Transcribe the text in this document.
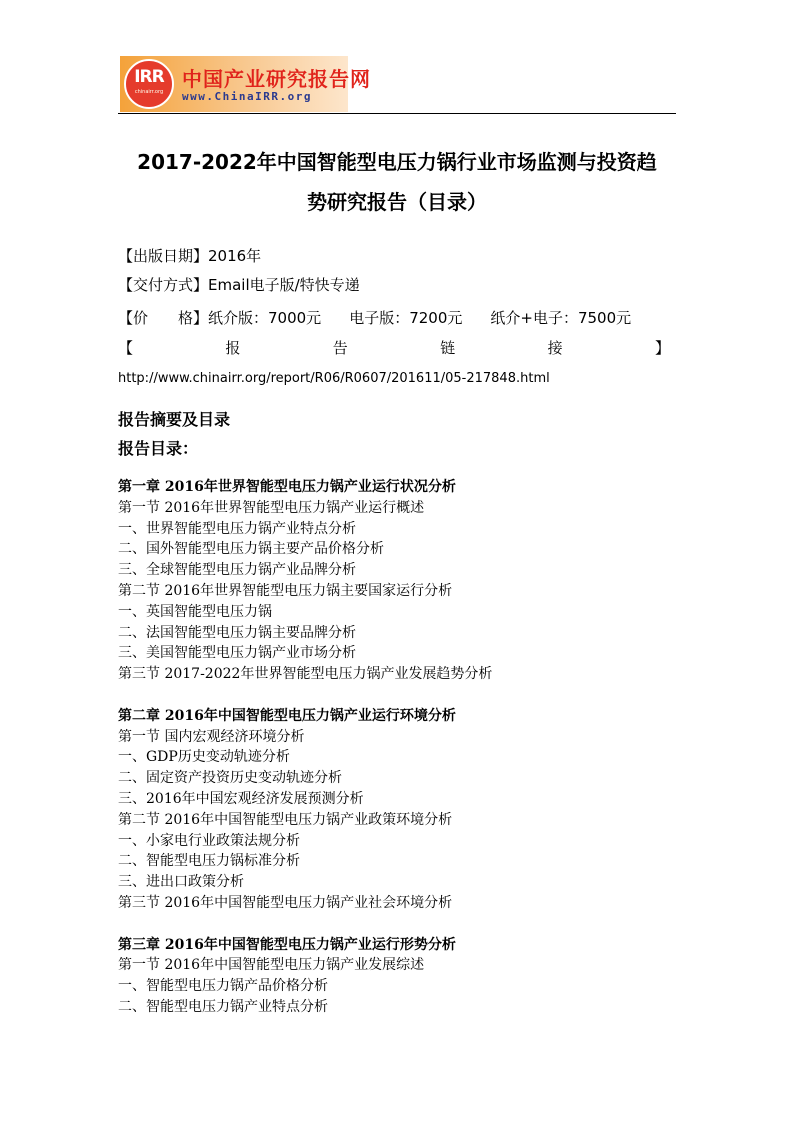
IRR
chinairr.org
中国产业研究报告网
www.ChinaIRR.org
2017-2022年中国智能型电压力锅行业市场监测与投资趋
势研究报告（目录）
【出版日期】2016年
【交付方式】Email电子版/特快专递
【价　　格】纸介版：7000元 电子版：7200元 纸介+电子：7500元
【	报	告	链	接	】
http://www.chinairr.org/report/R06/R0607/201611/05-217848.html
报告摘要及目录
报告目录：
第一章 2016年世界智能型电压力锅产业运行状况分析
第一节 2016年世界智能型电压力锅产业运行概述
一、世界智能型电压力锅产业特点分析
二、国外智能型电压力锅主要产品价格分析
三、全球智能型电压力锅产业品牌分析
第二节 2016年世界智能型电压力锅主要国家运行分析
一、英国智能型电压力锅
二、法国智能型电压力锅主要品牌分析
三、美国智能型电压力锅产业市场分析
第三节 2017-2022年世界智能型电压力锅产业发展趋势分析
第二章 2016年中国智能型电压力锅产业运行环境分析
第一节 国内宏观经济环境分析
一、GDP历史变动轨迹分析
二、固定资产投资历史变动轨迹分析
三、2016年中国宏观经济发展预测分析
第二节 2016年中国智能型电压力锅产业政策环境分析
一、小家电行业政策法规分析
二、智能型电压力锅标准分析
三、进出口政策分析
第三节 2016年中国智能型电压力锅产业社会环境分析
第三章 2016年中国智能型电压力锅产业运行形势分析
第一节 2016年中国智能型电压力锅产业发展综述
一、智能型电压力锅产品价格分析
二、智能型电压力锅产业特点分析
